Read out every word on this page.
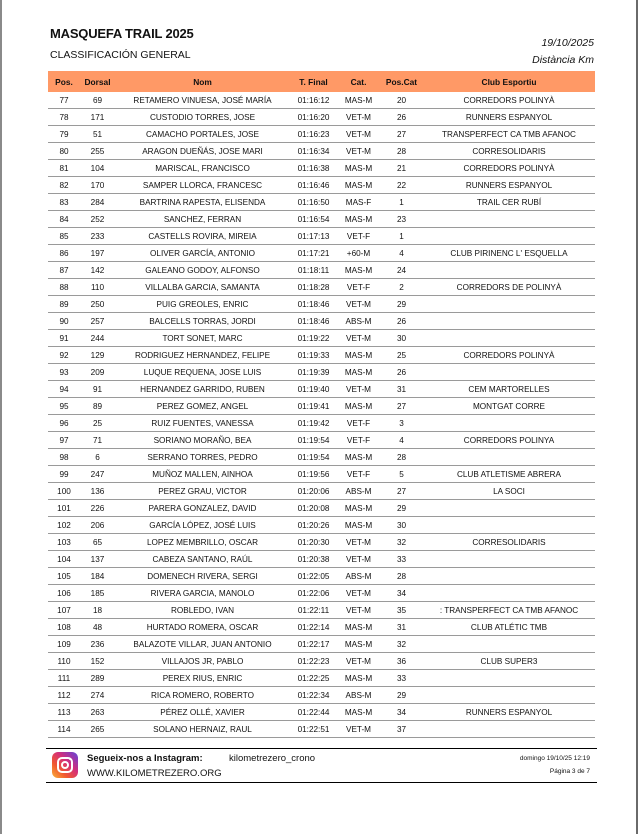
MASQUEFA TRAIL 2025
CLASSIFICACIÓN GENERAL
19/10/2025
Distància Km
Pos.	Dorsal	Nom	T. Final	Cat.	Pos.Cat	Club Esportiu
77	69	RETAMERO VINUESA, JOSÉ MARÍA	01:16:12	MAS-M	20	CORREDORS POLINYÀ
78	171	CUSTODIO TORRES, JOSE	01:16:20	VET-M	26	RUNNERS ESPANYOL
79	51	CAMACHO PORTALES, JOSE	01:16:23	VET-M	27	TRANSPERFECT CA TMB AFANOC
80	255	ARAGON DUEÑÁS, JOSE MARI	01:16:34	VET-M	28	CORRESOLIDARIS
81	104	MARISCAL, FRANCISCO	01:16:38	MAS-M	21	CORREDORS POLINYÀ
82	170	SAMPER LLORCA, FRANCESC	01:16:46	MAS-M	22	RUNNERS ESPANYOL
83	284	BARTRINA RAPESTA, ELISENDA	01:16:50	MAS-F	1	TRAIL CER RUBÍ
84	252	SANCHEZ, FERRAN	01:16:54	MAS-M	23	
85	233	CASTELLS ROVIRA, MIREIA	01:17:13	VET-F	1	
86	197	OLIVER GARCÍA, ANTONIO	01:17:21	+60-M	4	CLUB PIRINENC L' ESQUELLA
87	142	GALEANO GODOY, ALFONSO	01:18:11	MAS-M	24	
88	110	VILLALBA GARCIA, SAMANTA	01:18:28	VET-F	2	CORREDORS DE POLINYÀ
89	250	PUIG GREOLES, ENRIC	01:18:46	VET-M	29	
90	257	BALCELLS TORRAS, JORDI	01:18:46	ABS-M	26	
91	244	TORT SONET, MARC	01:19:22	VET-M	30	
92	129	RODRIGUEZ HERNANDEZ, FELIPE	01:19:33	MAS-M	25	CORREDORS POLINYÀ
93	209	LUQUE REQUENA, JOSE LUIS	01:19:39	MAS-M	26	
94	91	HERNANDEZ GARRIDO, RUBEN	01:19:40	VET-M	31	CEM MARTORELLES
95	89	PEREZ GOMEZ, ANGEL	01:19:41	MAS-M	27	MONTGAT CORRE
96	25	RUIZ FUENTES, VANESSA	01:19:42	VET-F	3	
97	71	SORIANO MORAÑO, BEA	01:19:54	VET-F	4	CORREDORS POLINYA
98	6	SERRANO TORRES, PEDRO	01:19:54	MAS-M	28	
99	247	MUÑOZ MALLEN, AINHOA	01:19:56	VET-F	5	CLUB ATLETISME ABRERA
100	136	PEREZ GRAU, VICTOR	01:20:06	ABS-M	27	LA SOCI
101	226	PARERA GONZALEZ, DAVID	01:20:08	MAS-M	29	
102	206	GARCÍA LÓPEZ, JOSÉ LUIS	01:20:26	MAS-M	30	
103	65	LOPEZ MEMBRILLO, OSCAR	01:20:30	VET-M	32	CORRESOLIDARIS
104	137	CABEZA SANTANO, RAÚL	01:20:38	VET-M	33	
105	184	DOMENECH RIVERA, SERGI	01:22:05	ABS-M	28	
106	185	RIVERA GARCIA, MANOLO	01:22:06	VET-M	34	
107	18	ROBLEDO, IVAN	01:22:11	VET-M	35	: TRANSPERFECT CA TMB AFANOC
108	48	HURTADO ROMERA, OSCAR	01:22:14	MAS-M	31	CLUB ATLÉTIC TMB
109	236	BALAZOTE VILLAR, JUAN ANTONIO	01:22:17	MAS-M	32	
110	152	VILLAJOS JR, PABLO	01:22:23	VET-M	36	CLUB SUPER3
111	289	PEREX RIUS, ENRIC	01:22:25	MAS-M	33	
112	274	RICA ROMERO, ROBERTO	01:22:34	ABS-M	29	
113	263	PÉREZ OLLÉ, XAVIER	01:22:44	MAS-M	34	RUNNERS ESPANYOL
114	265	SOLANO HERNAIZ, RAUL	01:22:51	VET-M	37	
Segueix-nos a Instagram:	kilometrezero_crono
WWW.KILOMETREZERO.ORG
domingo 19/10/25 12:19
Página 3 de 7
